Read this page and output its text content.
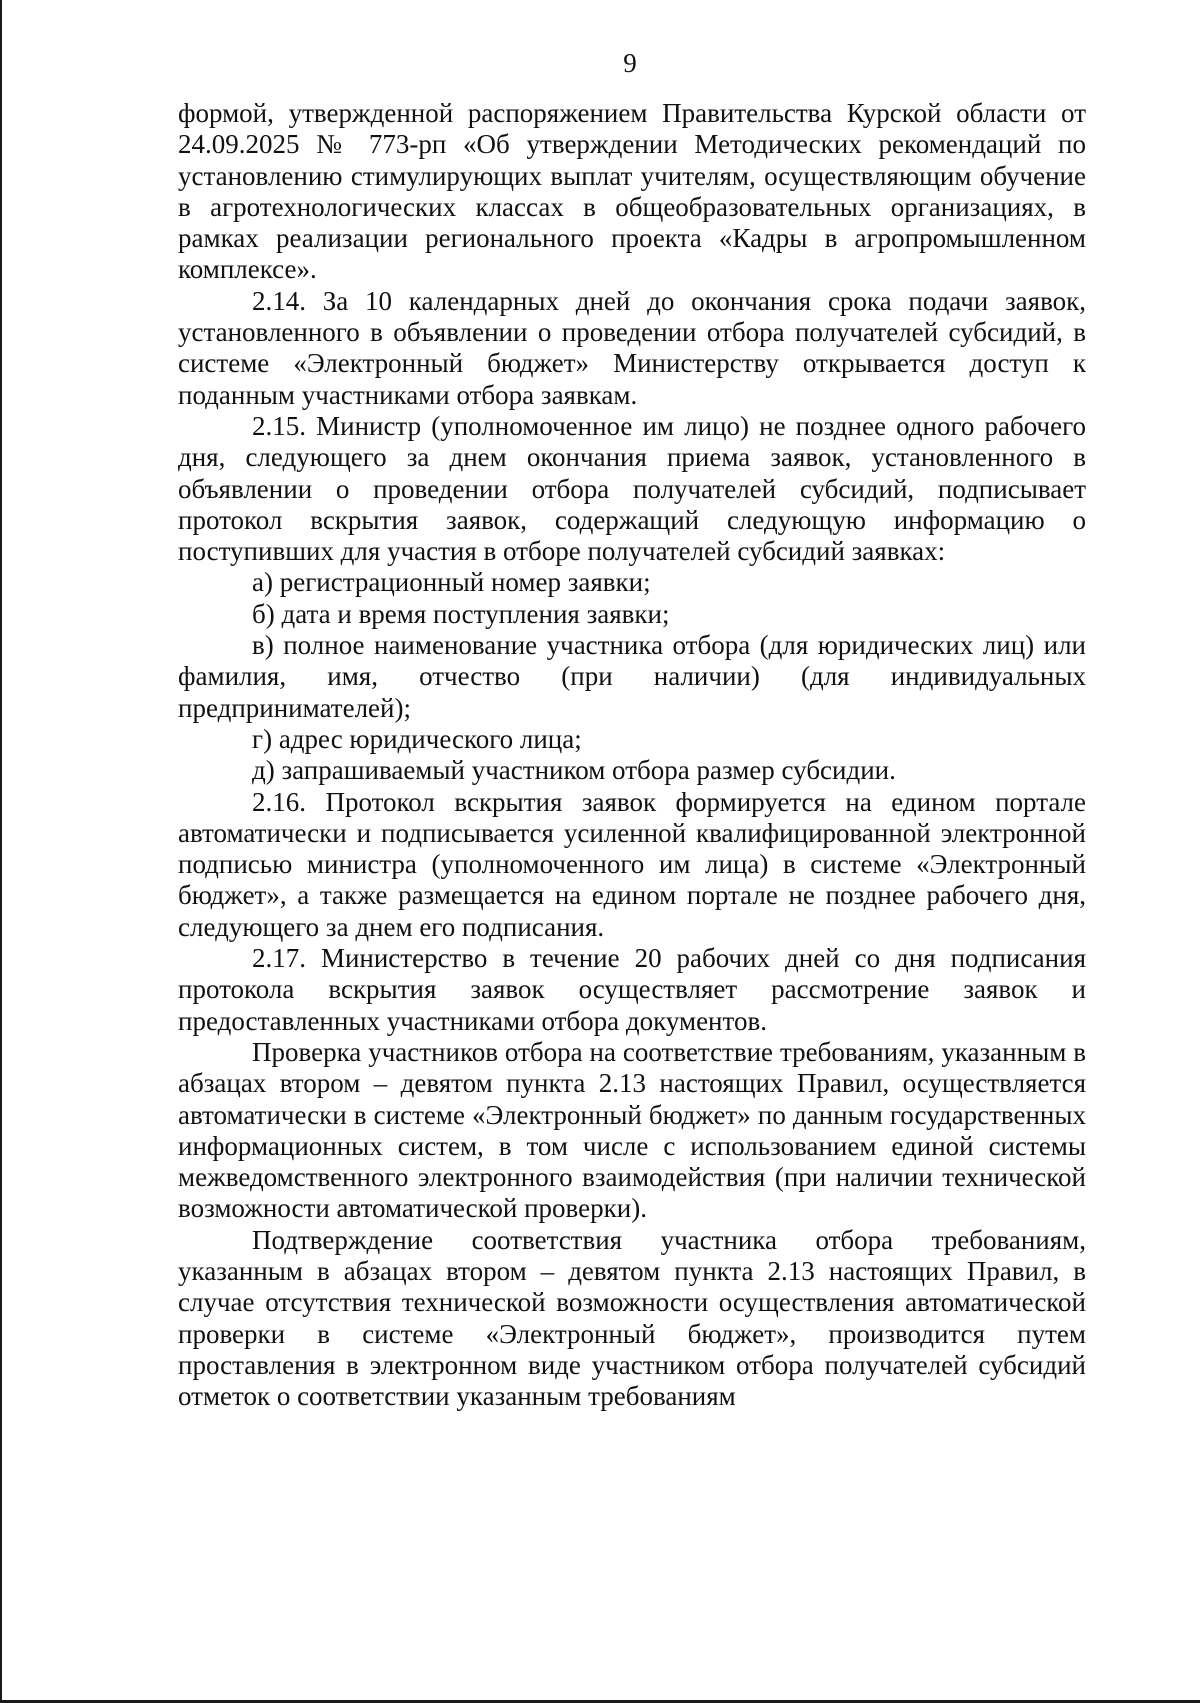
9

формой, утвержденной распоряжением Правительства Курской области от 24.09.2025 № 773-рп «Об утверждении Методических рекомендаций по установлению стимулирующих выплат учителям, осуществляющим обучение в агротехнологических классах в общеобразовательных организациях, в рамках реализации регионального проекта «Кадры в агропромышленном комплексе».

2.14. За 10 календарных дней до окончания срока подачи заявок, установленного в объявлении о проведении отбора получателей субсидий, в системе «Электронный бюджет» Министерству открывается доступ к поданным участниками отбора заявкам.

2.15. Министр (уполномоченное им лицо) не позднее одного рабочего дня, следующего за днем окончания приема заявок, установленного в объявлении о проведении отбора получателей субсидий, подписывает протокол вскрытия заявок, содержащий следующую информацию о поступивших для участия в отборе получателей субсидий заявках:

а) регистрационный номер заявки;

б) дата и время поступления заявки;

в) полное наименование участника отбора (для юридических лиц) или фамилия, имя, отчество (при наличии) (для индивидуальных предпринимателей);

г) адрес юридического лица;

д) запрашиваемый участником отбора размер субсидии.

2.16. Протокол вскрытия заявок формируется на едином портале автоматически и подписывается усиленной квалифицированной электронной подписью министра (уполномоченного им лица) в системе «Электронный бюджет», а также размещается на едином портале не позднее рабочего дня, следующего за днем его подписания.

2.17. Министерство в течение 20 рабочих дней со дня подписания протокола вскрытия заявок осуществляет рассмотрение заявок и предоставленных участниками отбора документов.

Проверка участников отбора на соответствие требованиям, указанным в абзацах втором – девятом пункта 2.13 настоящих Правил, осуществляется автоматически в системе «Электронный бюджет» по данным государственных информационных систем, в том числе с использованием единой системы межведомственного электронного взаимодействия (при наличии технической возможности автоматической проверки).

Подтверждение соответствия участника отбора требованиям, указанным в абзацах втором – девятом пункта 2.13 настоящих Правил, в случае отсутствия технической возможности осуществления автоматической проверки в системе «Электронный бюджет», производится путем проставления в электронном виде участником отбора получателей субсидий отметок о соответствии указанным требованиям
